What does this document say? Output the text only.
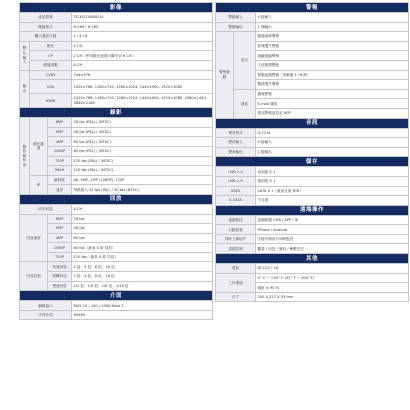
影像			
產品型號			TE-XSC0408EI-N
壓縮格式			H.264 / H.265
顯示畫面分割			1 / 4 / 6
數位輸入	類比		4 CH
	I P		2 CH（停用類比通道可擴充至 6 CH）
	總通道數		6 CH
輸出	CVBS		704×576
	VGA		1024×768, 1280×720, 1280×1024, 1440×900, 1920×1080
	HDMI		1024×768, 1280×720, 1280×1024, 1440×900, 1920×1080, 2560×1440, 3840×2160
錄影			
錄影解析度	類比通道	8MP	28 fps (PAL) / (NTSC)
		5MP	48 fps (PAL) / (NTSC)
		4MP	60 fps (PAL) / (NTSC)
		1080P	60 fps (PAL) / (NTSC)
		720P	120 fps (PAL) / (NTSC)
		960H	120 fps (PAL) / (NTSC)
	IP	解析度	4K, 4MP, 2MP (1080P), 720P
		速度	每路最大 25 fps (PAL) / 30 fps (NTSC)
回放			
同步回放			4 CH
回放速度		8MP	28 fps
		5MP	48 fps
		4MP	60 fps
		1080P	60 fps（最高 4 路 同放）
		720P	120 fps（最高 4 路 同放）
回放控制		快速回放	2 倍、4 倍、8 倍、16 倍
		倒轉回放	2 倍、4 倍、8 倍、16 倍
		慢速回放	1/2 倍、1/4 倍、1/8 倍、1/16 倍
介面			
網路接口			RJ45 10 / 100 / 1000 Base-T
序列介面			RS485
警報		
警報輸入		4 組輸入
警報輸出		1 個輸出
警報連動	設定	動態偵測警報
		影像遺失警報
		遮蔽遮擋警報
		入侵偵測警報
		移動偵測警報（需動態 1~6 路）
		數據遺失警報
	通知	通報警報
		E-mail 通知
		推送警報訊息至 APP
音訊		
聲音格式		G.711a
聲音輸入		4 組輸入
聲音輸出		1 組輸出
儲存		
USB 2.0		前面板 X 1
USB 2.0		後面板 X 1
SATA		SATA X 1（最高支援 8TB）
E-SATA		不支援
遠端操作		
遠端監控		遠端軟體 CMS / APP / IE
行動裝置		iPhone / Android
同時上線用戶		支援多個用戶同時監控
遠端控制		觀看 / 回放 / 備份 / 參數設定
其他		
電源		DC12V / 2A
工作環境		0° C ~ +40° C (32° F ~ 104° F)
		濕度 ≤ 90 %
尺寸		300 X 227 X 53 mm
